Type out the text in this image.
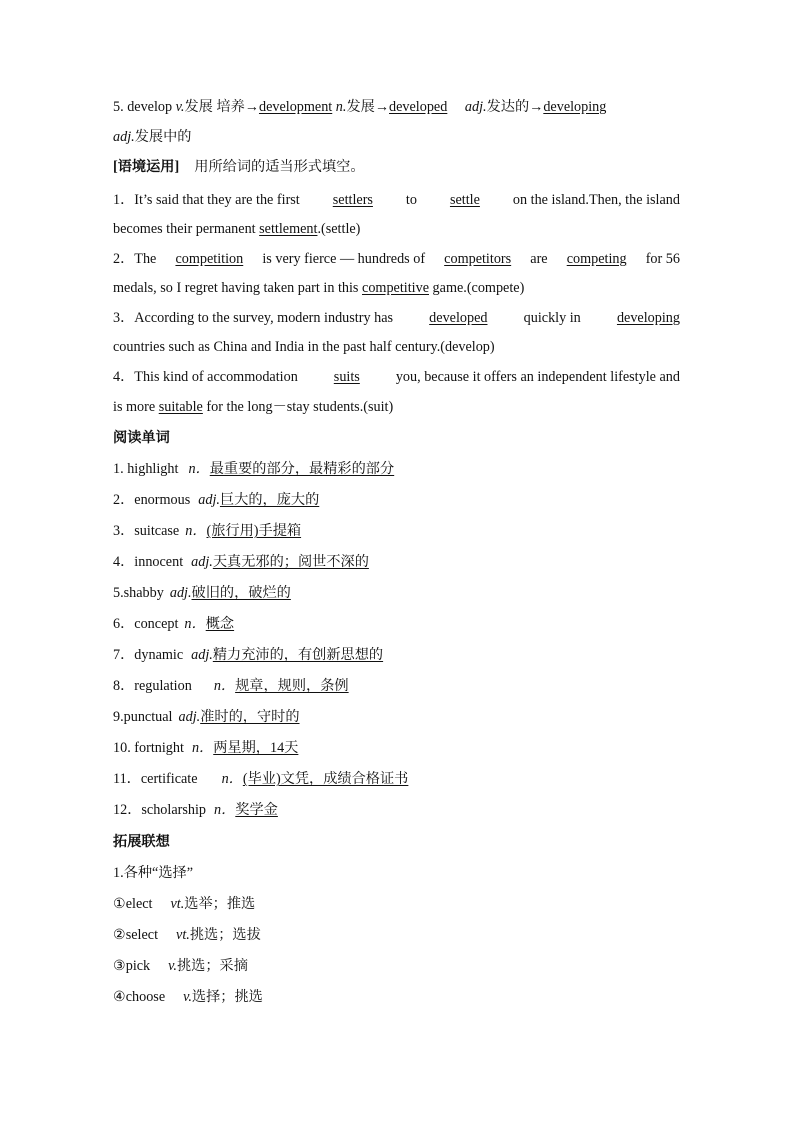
5. develop v.发展 培养→development n.发展→developed adj.发达的→developing
adj.发展中的
[语境运用] 用所给词的适当形式填空。
1．It’s said that they are the first settlers to settle on the island.Then, the island
becomes their permanent settlement.(settle)
2．The competition is very fierce — hundreds of competitors are competing for 56
medals, so I regret having taken part in this competitive game.(compete)
3．According to the survey, modern industry has	developed	quickly in	developing
countries such as China and India in the past half century.(develop)
4．This kind of accommodation	suits	you, because it offers an independent lifestyle and
is more suitable for the long－stay students.(suit)
阅读单词
1. highlight n．最重要的部分，最精彩的部分
2．enormous adj.巨大的，庞大的
3．suitcase n．(旅行用)手提箱
4．innocent adj.天真无邪的；阅世不深的
5.shabby adj.破旧的，破烂的
6．concept n．概念
7．dynamic adj.精力充沛的，有创新思想的
8．regulation n．规章，规则，条例
9.punctual adj.准时的，守时的
10. fortnight n．两星期，14天
11．certificate n．(毕业)文凭，成绩合格证书
12．scholarship n．奖学金
拓展联想
1.各种“选择”
①elect vt.选举；推选
②select vt.挑选；选拔
③pick v.挑选；采摘
④choose v.选择；挑选
